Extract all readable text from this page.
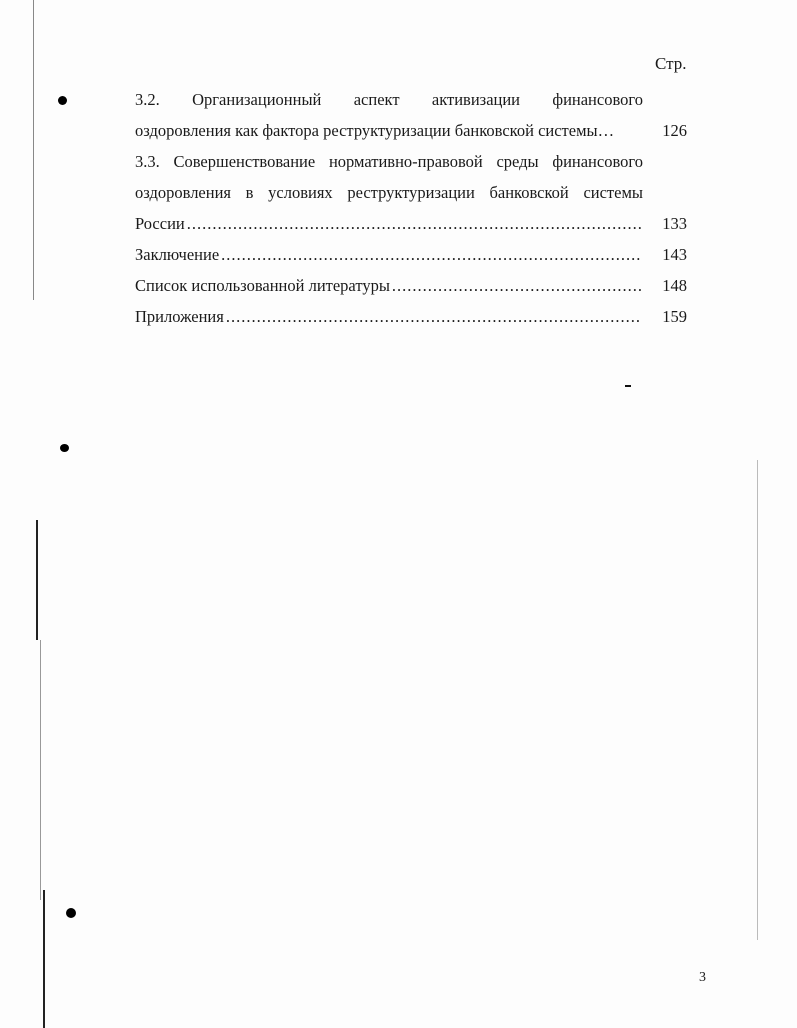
Стр.
3.2. Организационный аспект активизации финансового
оздоровления как фактора реструктуризации банковской системы…	126
3.3. Совершенствование нормативно-правовой среды финансового
оздоровления в условиях реструктуризации банковской системы
России .....	133
Заключение .....	143
Список использованной литературы .....	148
Приложения .....	159
3
